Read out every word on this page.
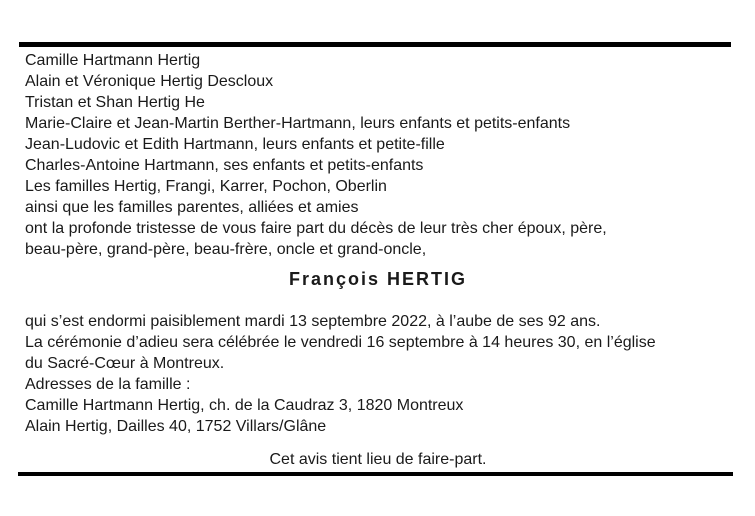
Camille Hartmann Hertig
Alain et Véronique Hertig Descloux
Tristan et Shan Hertig He
Marie-Claire et Jean-Martin Berther-Hartmann, leurs enfants et petits-enfants
Jean-Ludovic et Edith Hartmann, leurs enfants et petite-fille
Charles-Antoine Hartmann, ses enfants et petits-enfants
Les familles Hertig, Frangi, Karrer, Pochon, Oberlin
ainsi que les familles parentes, alliées et amies
ont la profonde tristesse de vous faire part du décès de leur très cher époux, père,
beau-père, grand-père, beau-frère, oncle et grand-oncle,
François HERTIG
qui s’est endormi paisiblement mardi 13 septembre 2022, à l’aube de ses 92 ans.
La cérémonie d’adieu sera célébrée le vendredi 16 septembre à 14 heures 30, en l’église
du Sacré-Cœur à Montreux.
Adresses de la famille :
Camille Hartmann Hertig, ch. de la Caudraz 3, 1820 Montreux
Alain Hertig, Dailles 40, 1752 Villars/Glâne
Cet avis tient lieu de faire-part.
